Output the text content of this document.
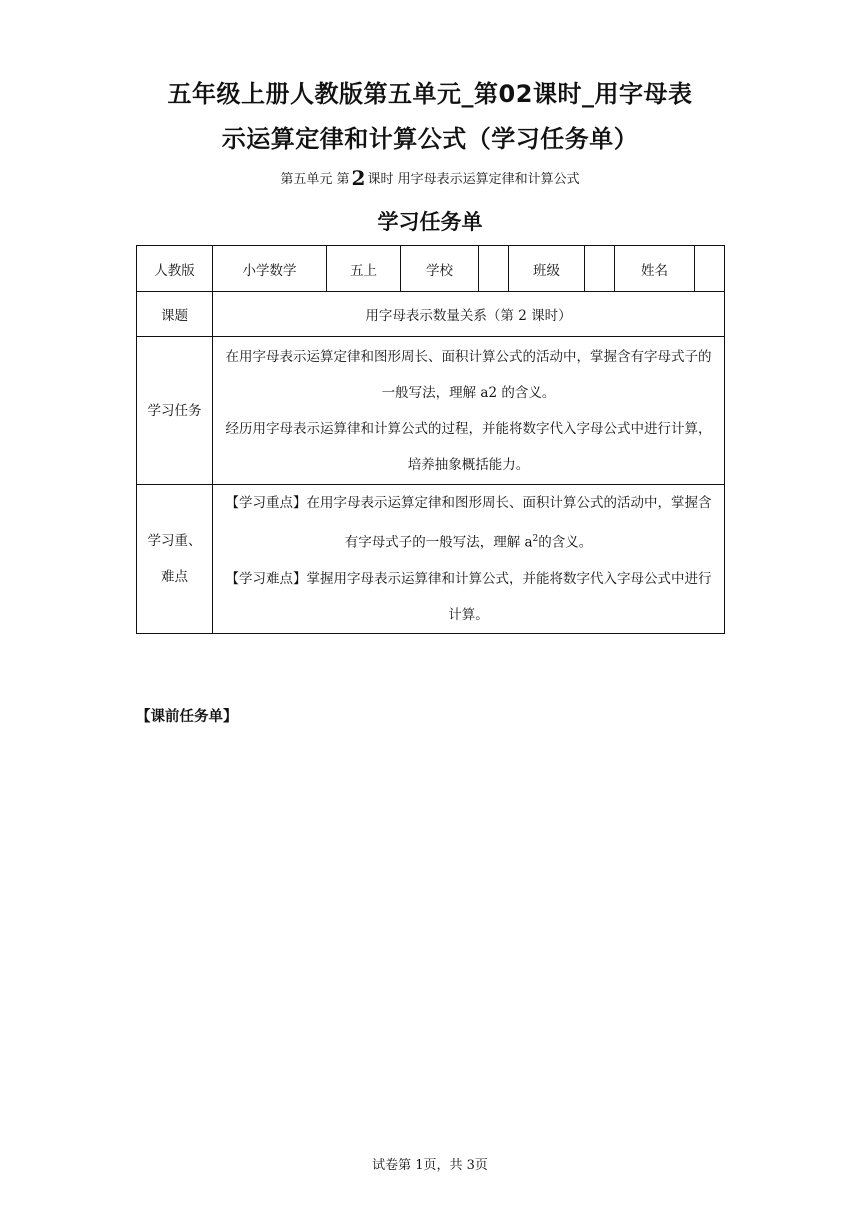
五年级上册人教版第五单元_第02课时_用字母表
示运算定律和计算公式（学习任务单）
第五单元 第 2 课时 用字母表示运算定律和计算公式
学习任务单
人教版	小学数学	五上	学校		班级		姓名	
课题	用字母表示数量关系（第 2 课时）							

学习任务	在用字母表示运算定律和图形周长、面积计算公式的活动中，掌握含有字母式子的一般写法，理解 a2 的含义。
经历用字母表示运算律和计算公式的过程，并能将数字代入字母公式中进行计算，培养抽象概括能力。							

学习重、难点	【学习重点】在用字母表示运算定律和图形周长、面积计算公式的活动中，掌握含有字母式子的一般写法，理解 $a^2$的含义。
【学习难点】掌握用字母表示运算律和计算公式，并能将数字代入字母公式中进行计算。							
【课前任务单】
试卷第 1页，共 3页
